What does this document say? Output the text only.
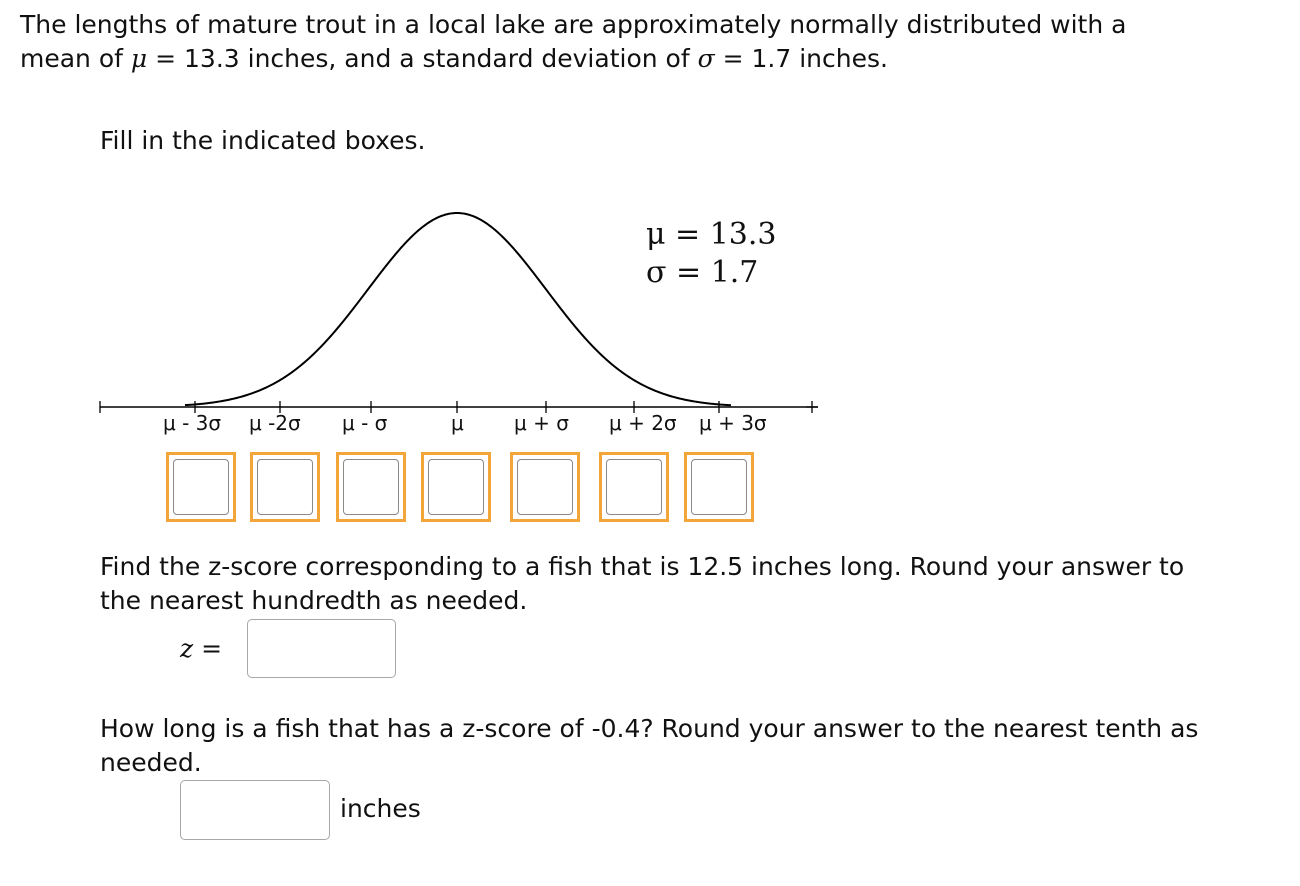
The lengths of mature trout in a local lake are approximately normally distributed with a
mean of μ = 13.3 inches, and a standard deviation of σ = 1.7 inches.
Fill in the indicated boxes.
μ = 13.3
σ = 1.7
μ - 3σ μ -2σ μ - σ	μ	μ + σ μ + 2σ μ + 3σ
Find the z-score corresponding to a fish that is 12.5 inches long. Round your answer to
the nearest hundredth as needed.
z =
How long is a fish that has a z-score of -0.4? Round your answer to the nearest tenth as
needed.
inches
